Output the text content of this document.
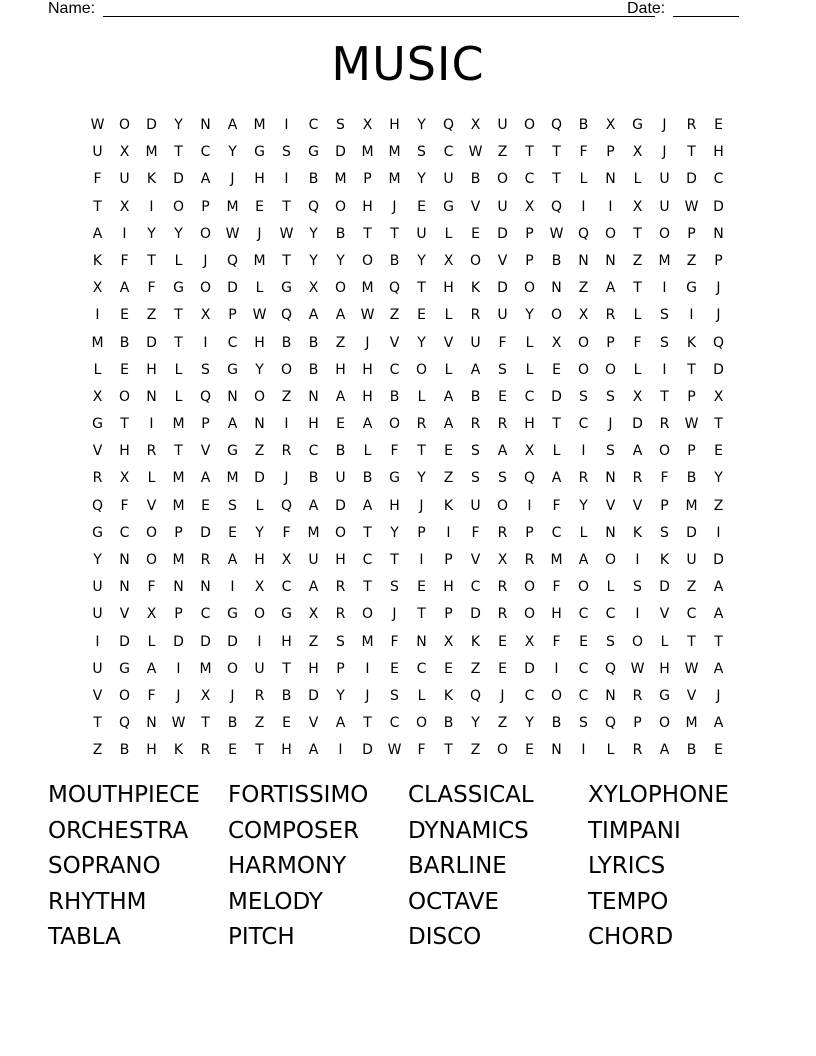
Name:

	Date:

MUSIC
W	O	D	Y	N	A	M	I	C	S	X	H	Y	Q	X	U	O	Q	B	X	G	J	R	E
U	X	M	T	C	Y	G	S	G	D	M	M	S	C	W	Z	T	T	F	P	X	J	T	H
F	U	K	D	A	J	H	I	B	M	P	M	Y	U	B	O	C	T	L	N	L	U	D	C
T	X	I	O	P	M	E	T	Q	O	H	J	E	G	V	U	X	Q	I	I	X	U	W	D
A	I	Y	Y	O	W	J	W	Y	B	T	T	U	L	E	D	P	W	Q	O	T	O	P	N
K	F	T	L	J	Q	M	T	Y	Y	O	B	Y	X	O	V	P	B	N	N	Z	M	Z	P
X	A	F	G	O	D	L	G	X	O	M	Q	T	H	K	D	O	N	Z	A	T	I	G	J
I	E	Z	T	X	P	W	Q	A	A	W	Z	E	L	R	U	Y	O	X	R	L	S	I	J
M	B	D	T	I	C	H	B	B	Z	J	V	Y	V	U	F	L	X	O	P	F	S	K	Q
L	E	H	L	S	G	Y	O	B	H	H	C	O	L	A	S	L	E	O	O	L	I	T	D
X	O	N	L	Q	N	O	Z	N	A	H	B	L	A	B	E	C	D	S	S	X	T	P	X
G	T	I	M	P	A	N	I	H	E	A	O	R	A	R	R	H	T	C	J	D	R	W	T
V	H	R	T	V	G	Z	R	C	B	L	F	T	E	S	A	X	L	I	S	A	O	P	E
R	X	L	M	A	M	D	J	B	U	B	G	Y	Z	S	S	Q	A	R	N	R	F	B	Y
Q	F	V	M	E	S	L	Q	A	D	A	H	J	K	U	O	I	F	Y	V	V	P	M	Z
G	C	O	P	D	E	Y	F	M	O	T	Y	P	I	F	R	P	C	L	N	K	S	D	I
Y	N	O	M	R	A	H	X	U	H	C	T	I	P	V	X	R	M	A	O	I	K	U	D
U	N	F	N	N	I	X	C	A	R	T	S	E	H	C	R	O	F	O	L	S	D	Z	A
U	V	X	P	C	G	O	G	X	R	O	J	T	P	D	R	O	H	C	C	I	V	C	A
I	D	L	D	D	D	I	H	Z	S	M	F	N	X	K	E	X	F	E	S	O	L	T	T
U	G	A	I	M	O	U	T	H	P	I	E	C	E	Z	E	D	I	C	Q	W	H	W	A
V	O	F	J	X	J	R	B	D	Y	J	S	L	K	Q	J	C	O	C	N	R	G	V	J
T	Q	N	W	T	B	Z	E	V	A	T	C	O	B	Y	Z	Y	B	S	Q	P	O	M	A
Z	B	H	K	R	E	T	H	A	I	D	W	F	T	Z	O	E	N	I	L	R	A	B	E
MOUTHPIECE	FORTISSIMO	CLASSICAL	XYLOPHONE
ORCHESTRA	COMPOSER	DYNAMICS	TIMPANI
SOPRANO	HARMONY	BARLINE	LYRICS
RHYTHM	MELODY	OCTAVE	TEMPO
TABLA	PITCH	DISCO	CHORD
